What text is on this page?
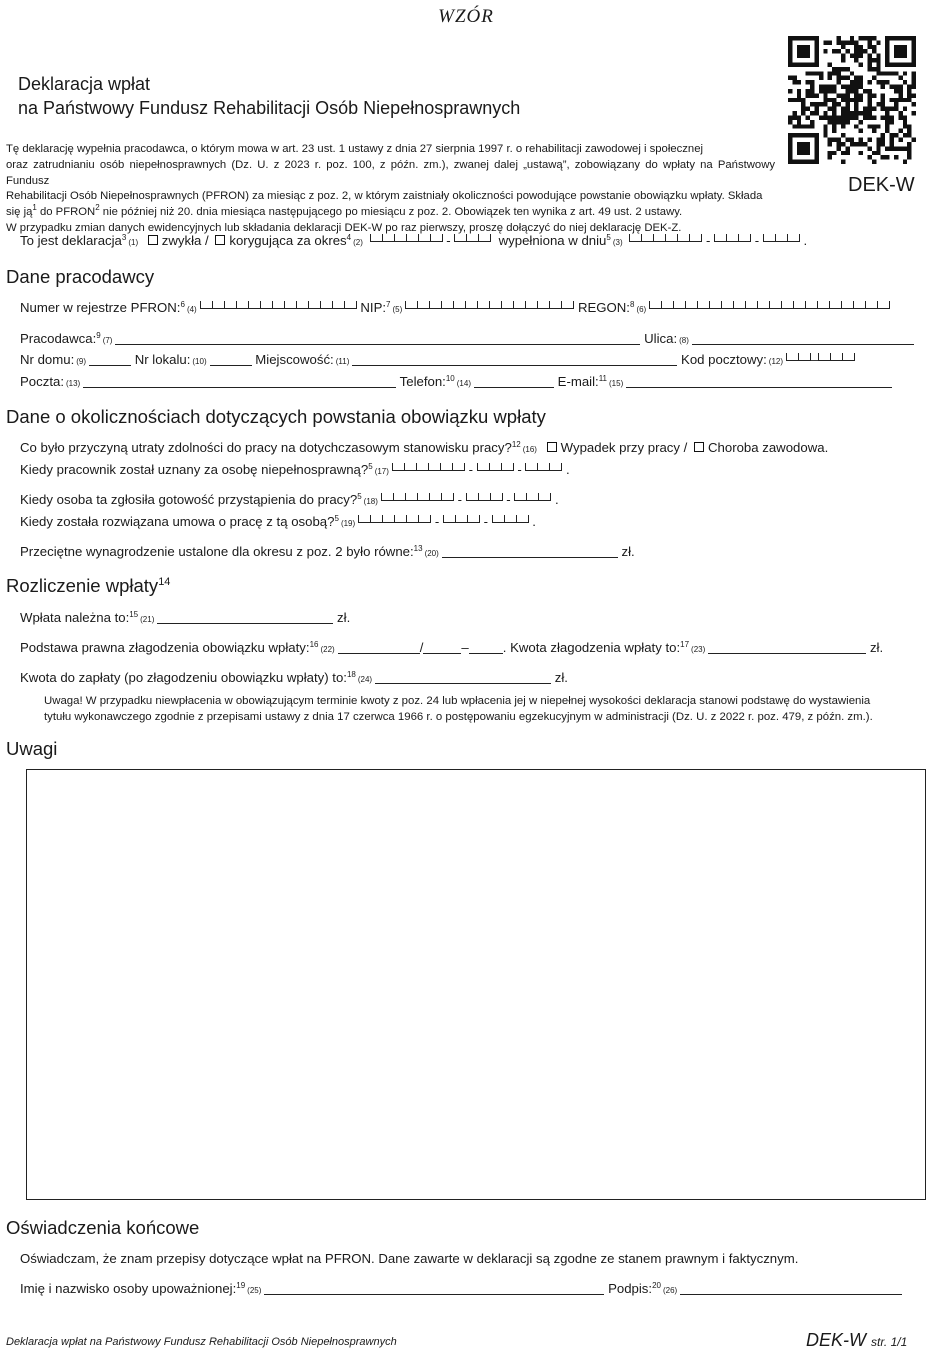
WZÓR
Deklaracja wpłat
na Państwowy Fundusz Rehabilitacji Osób Niepełnosprawnych
DEK-W

Tę deklarację wypełnia pracodawca, o którym mowa w art. 23 ust. 1 ustawy z dnia 27 sierpnia 1997 r. o rehabilitacji zawodowej i społecznej

oraz zatrudnianiu osób niepełnosprawnych (Dz. U. z 2023 r. poz. 100, z późn. zm.), zwanej dalej „ustawą”, zobowiązany do wpłaty na Państwowy Fundusz

Rehabilitacji Osób Niepełnosprawnych (PFRON) za miesiąc z poz. 2, w którym zaistniały okoliczności powodujące powstanie obowiązku wpłaty. Składa

się $ją^1$ do PFRON$^2$ nie później niż 20. dnia miesiąca następującego po miesiącu z poz. 2. Obowiązek ten wynika z art. 49 ust. 2 ustawy.

W przypadku zmian danych ewidencyjnych lub składania deklaracji DEK-W po raz pierwszy, proszę dołączyć do niej deklarację DEK-Z.

To jest deklaracja$^3$(1) zwykła / korygująca za okres$^4$(2)	-	wypełniona w dniu$^5$(3)	-	-	.
Dane pracodawcy
Numer w rejestrze PFRON:$^6$(4)	NIP:$^7$(5)	REGON:$^8$(6)
Pracodawca:$^9$(7)	Ulica: (8)
Nr domu: (9)	Nr lokalu: (10)	Miejscowość: (11)	Kod pocztowy: (12) –
Poczta: (13)	Telefon:$^{10}$(14)	E-mail:$^{11}$(15)
Dane o okolicznościach dotyczących powstania obowiązku wpłaty
Co było przyczyną utraty zdolności do pracy na dotychczasowym stanowisku pracy?$^{12}$(16) Wypadek przy pracy / Choroba zawodowa.
Kiedy pracownik został uznany za osobę niepełnosprawną?$^5$(17)	-	-	.
Kiedy osoba ta zgłosiła gotowość przystąpienia do pracy?$^5$(18)	-	-	.
Kiedy została rozwiązana umowa o pracę z tą osobą?$^5$(19)	-	-	.
Przeciętne wynagrodzenie ustalone dla okresu z poz. 2 było równe:$^{13}$(20)	zł.
Rozliczenie wpłaty$^{14}$
Wpłata należna to:$^{15}$(21)	zł.
Podstawa prawna złagodzenia obowiązku wpłaty:$^{16}$(22)	/	–	. Kwota złagodzenia wpłaty to:$^{17}$(23)	zł.
Kwota do zapłaty (po złagodzeniu obowiązku wpłaty) to:$^{18}$(24)	zł.
Uwaga! W przypadku niewpłacenia w obowiązującym terminie kwoty z poz. 24 lub wpłacenia jej w niepełnej wysokości deklaracja stanowi podstawę do wystawienia
tytułu wykonawczego zgodnie z przepisami ustawy z dnia 17 czerwca 1966 r. o postępowaniu egzekucyjnym w administracji (Dz. U. z 2022 r. poz. 479, z późn. zm.).
Uwagi
Oświadczenia końcowe
Oświadczam, że znam przepisy dotyczące wpłat na PFRON. Dane zawarte w deklaracji są zgodne ze stanem prawnym i faktycznym.
Imię i nazwisko osoby upoważnionej:$^{19}$(25)	Podpis:$^{20}$(26)
Deklaracja wpłat na Państwowy Fundusz Rehabilitacji Osób Niepełnosprawnych	DEK-W str. 1/1
